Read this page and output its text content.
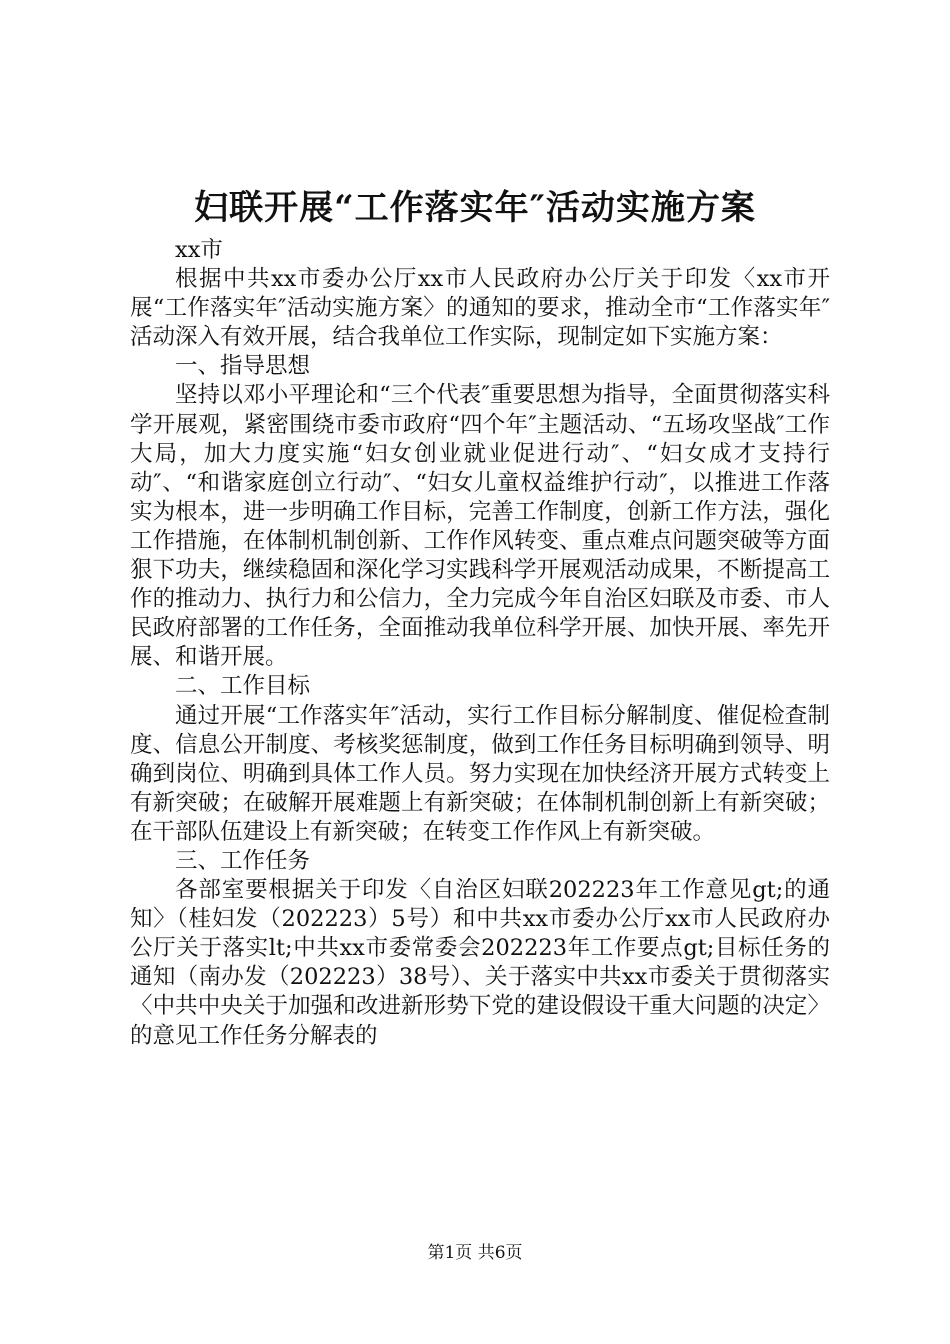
妇联开展“工作落实年″活动实施方案

xx市

根据中共xx市委办公厅xx市人民政府办公厅关于印发〈xx市开展“工作落实年″活动实施方案〉的通知的要求，推动全市“工作落实年″活动深入有效开展，结合我单位工作实际，现制定如下实施方案：

一、指导思想

坚持以邓小平理论和“三个代表″重要思想为指导，全面贯彻落实科学开展观，紧密围绕市委市政府“四个年″主题活动、“五场攻坚战″工作大局，加大力度实施“妇女创业就业促进行动″、“妇女成才支持行动″、“和谐家庭创立行动″、“妇女儿童权益维护行动″，以推进工作落实为根本，进一步明确工作目标，完善工作制度，创新工作方法，强化工作措施，在体制机制创新、工作作风转变、重点难点问题突破等方面狠下功夫，继续稳固和深化学习实践科学开展观活动成果，不断提高工作的推动力、执行力和公信力，全力完成今年自治区妇联及市委、市人民政府部署的工作任务，全面推动我单位科学开展、加快开展、率先开展、和谐开展。

二、工作目标

通过开展“工作落实年″活动，实行工作目标分解制度、催促检查制度、信息公开制度、考核奖惩制度，做到工作任务目标明确到领导、明确到岗位、明确到具体工作人员。努力实现在加快经济开展方式转变上有新突破；在破解开展难题上有新突破；在体制机制创新上有新突破；在干部队伍建设上有新突破；在转变工作作风上有新突破。

三、工作任务

各部室要根据关于印发〈自治区妇联202223年工作意见gt;的通知〉（桂妇发（202223）5号）和中共xx市委办公厅xx市人民政府办公厅关于落实lt;中共xx市委常委会202223年工作要点gt;目标任务的通知（南办发（202223）38号）、关于落实中共xx市委关于贯彻落实〈中共中央关于加强和改进新形势下党的建设假设干重大问题的决定〉的意见工作任务分解表的

第1页 共6页
